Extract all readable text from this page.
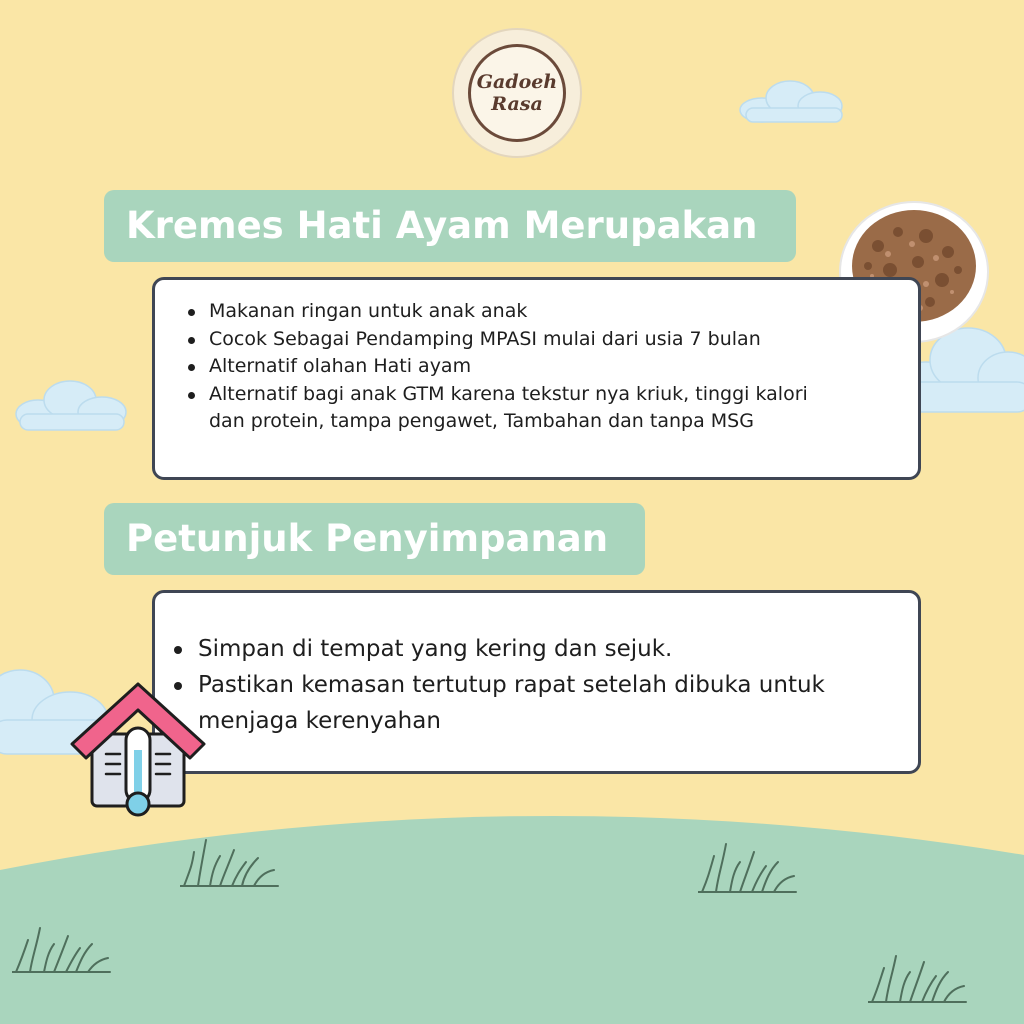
Gadoeh
Rasa
Kremes Hati Ayam Merupakan
Makanan ringan untuk anak anak
Cocok Sebagai Pendamping MPASI mulai dari usia 7 bulan
Alternatif olahan Hati ayam
Alternatif bagi anak GTM karena tekstur nya kriuk, tinggi kalori dan protein, tampa pengawet, Tambahan dan tanpa MSG
Petunjuk Penyimpanan
Simpan di tempat yang kering dan sejuk.
Pastikan kemasan tertutup rapat setelah dibuka untuk menjaga kerenyahan
